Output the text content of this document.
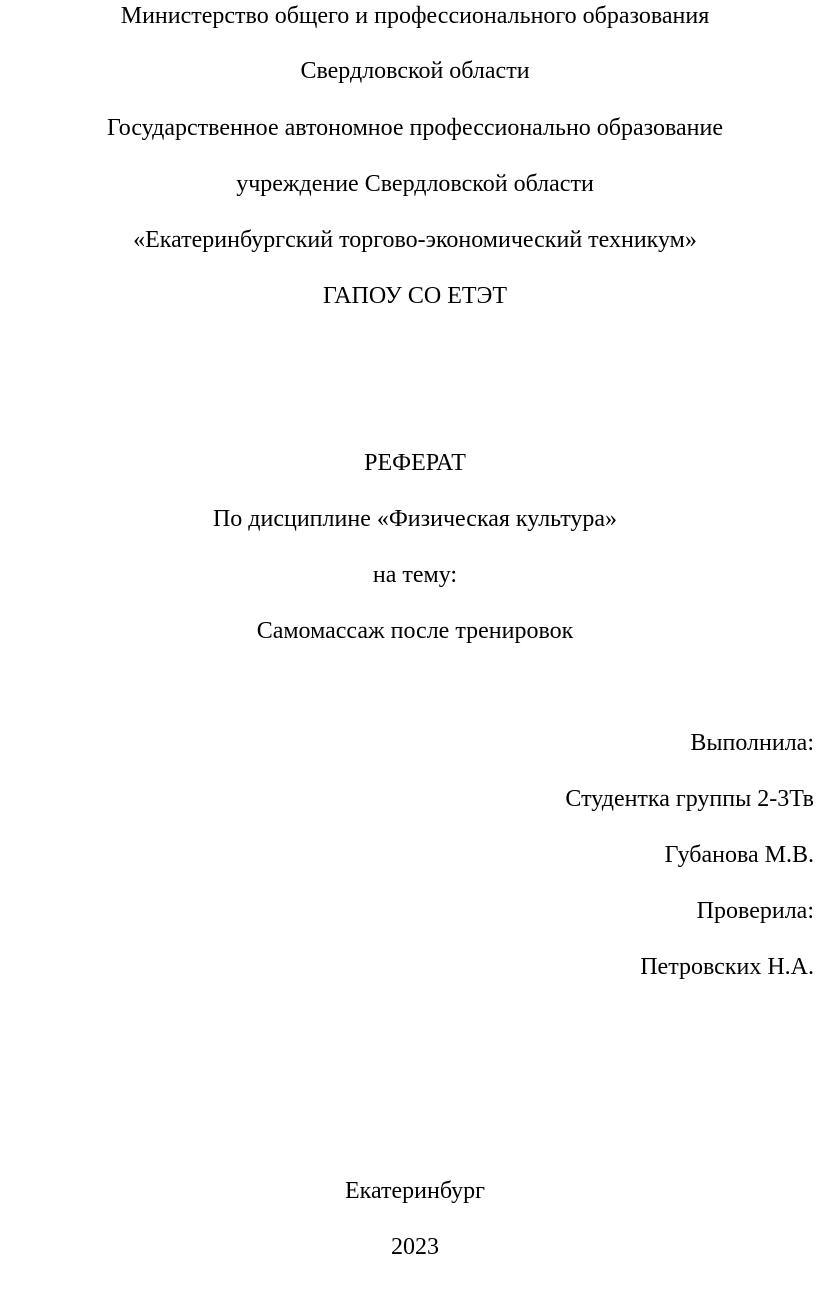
Министерство общего и профессионального образования
Свердловской области
Государственное автономное профессионально образование
учреждение Свердловской области
«Екатеринбургский торгово-экономический техникум»
ГАПОУ СО ЕТЭТ
РЕФЕРАТ
По дисциплине «Физическая культура»
на тему:
Самомассаж после тренировок
Выполнила:
Студентка группы 2-3Тв
Губанова М.В.
Проверила:
Петровских Н.А.
Екатеринбург
2023
